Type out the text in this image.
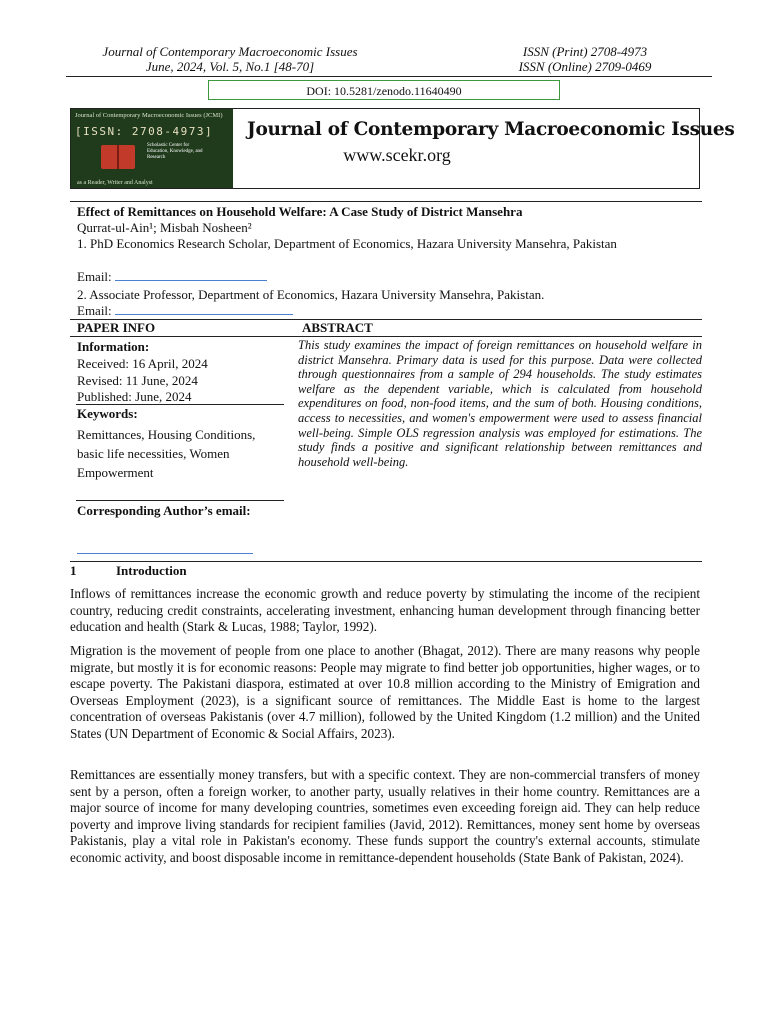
Journal of Contemporary Macroeconomic Issues
June, 2024, Vol. 5, No.1 [48-70]
ISSN (Print) 2708-4973
ISSN (Online) 2709-0469
DOI: 10.5281/zenodo.11640490
Journal of Contemporary Macroeconomic Issues (JCMI)
[ISSN: 2708-4973]
Scholastic Center for Education, Knowledge, and Research
as a Reader, Writer and Analyst
Journal of Contemporary Macroeconomic Issues
www.scekr.org
Effect of Remittances on Household Welfare: A Case Study of District Mansehra
Qurrat-ul-Ain¹; Misbah Nosheen²
1. PhD Economics Research Scholar, Department of Economics, Hazara University Mansehra, Pakistan
Email:
2. Associate Professor, Department of Economics, Hazara University Mansehra, Pakistan.
Email:
PAPER INFO	ABSTRACT
Information:
Received: 16 April, 2024
Revised: 11 June, 2024
Published: June, 2024
Keywords:
Remittances, Housing Conditions, basic life necessities, Women Empowerment
Corresponding Author’s email:
This study examines the impact of foreign remittances on household welfare in district Mansehra. Primary data is used for this purpose. Data were collected through questionnaires from a sample of 294 households. The study estimates welfare as the dependent variable, which is calculated from household expenditures on food, non-food items, and the sum of both. Housing conditions, access to necessities, and women's empowerment were used to assess financial well-being. Simple OLS regression analysis was employed for estimations. The study finds a positive and significant relationship between remittances and household well-being.
1	Introduction
Inflows of remittances increase the economic growth and reduce poverty by stimulating the income of the recipient country, reducing credit constraints, accelerating investment, enhancing human development through financing better education and health (Stark & Lucas, 1988; Taylor, 1992).
Migration is the movement of people from one place to another (Bhagat, 2012). There are many reasons why people migrate, but mostly it is for economic reasons: People may migrate to find better job opportunities, higher wages, or to escape poverty. The Pakistani diaspora, estimated at over 10.8 million according to the Ministry of Emigration and Overseas Employment (2023), is a significant source of remittances. The Middle East is home to the largest concentration of overseas Pakistanis (over 4.7 million), followed by the United Kingdom (1.2 million) and the United States (UN Department of Economic & Social Affairs, 2023).
Remittances are essentially money transfers, but with a specific context. They are non-commercial transfers of money sent by a person, often a foreign worker, to another party, usually relatives in their home country. Remittances are a major source of income for many developing countries, sometimes even exceeding foreign aid. They can help reduce poverty and improve living standards for recipient families (Javid, 2012). Remittances, money sent home by overseas Pakistanis, play a vital role in Pakistan's economy. These funds support the country's external accounts, stimulate economic activity, and boost disposable income in remittance-dependent households (State Bank of Pakistan, 2024).
